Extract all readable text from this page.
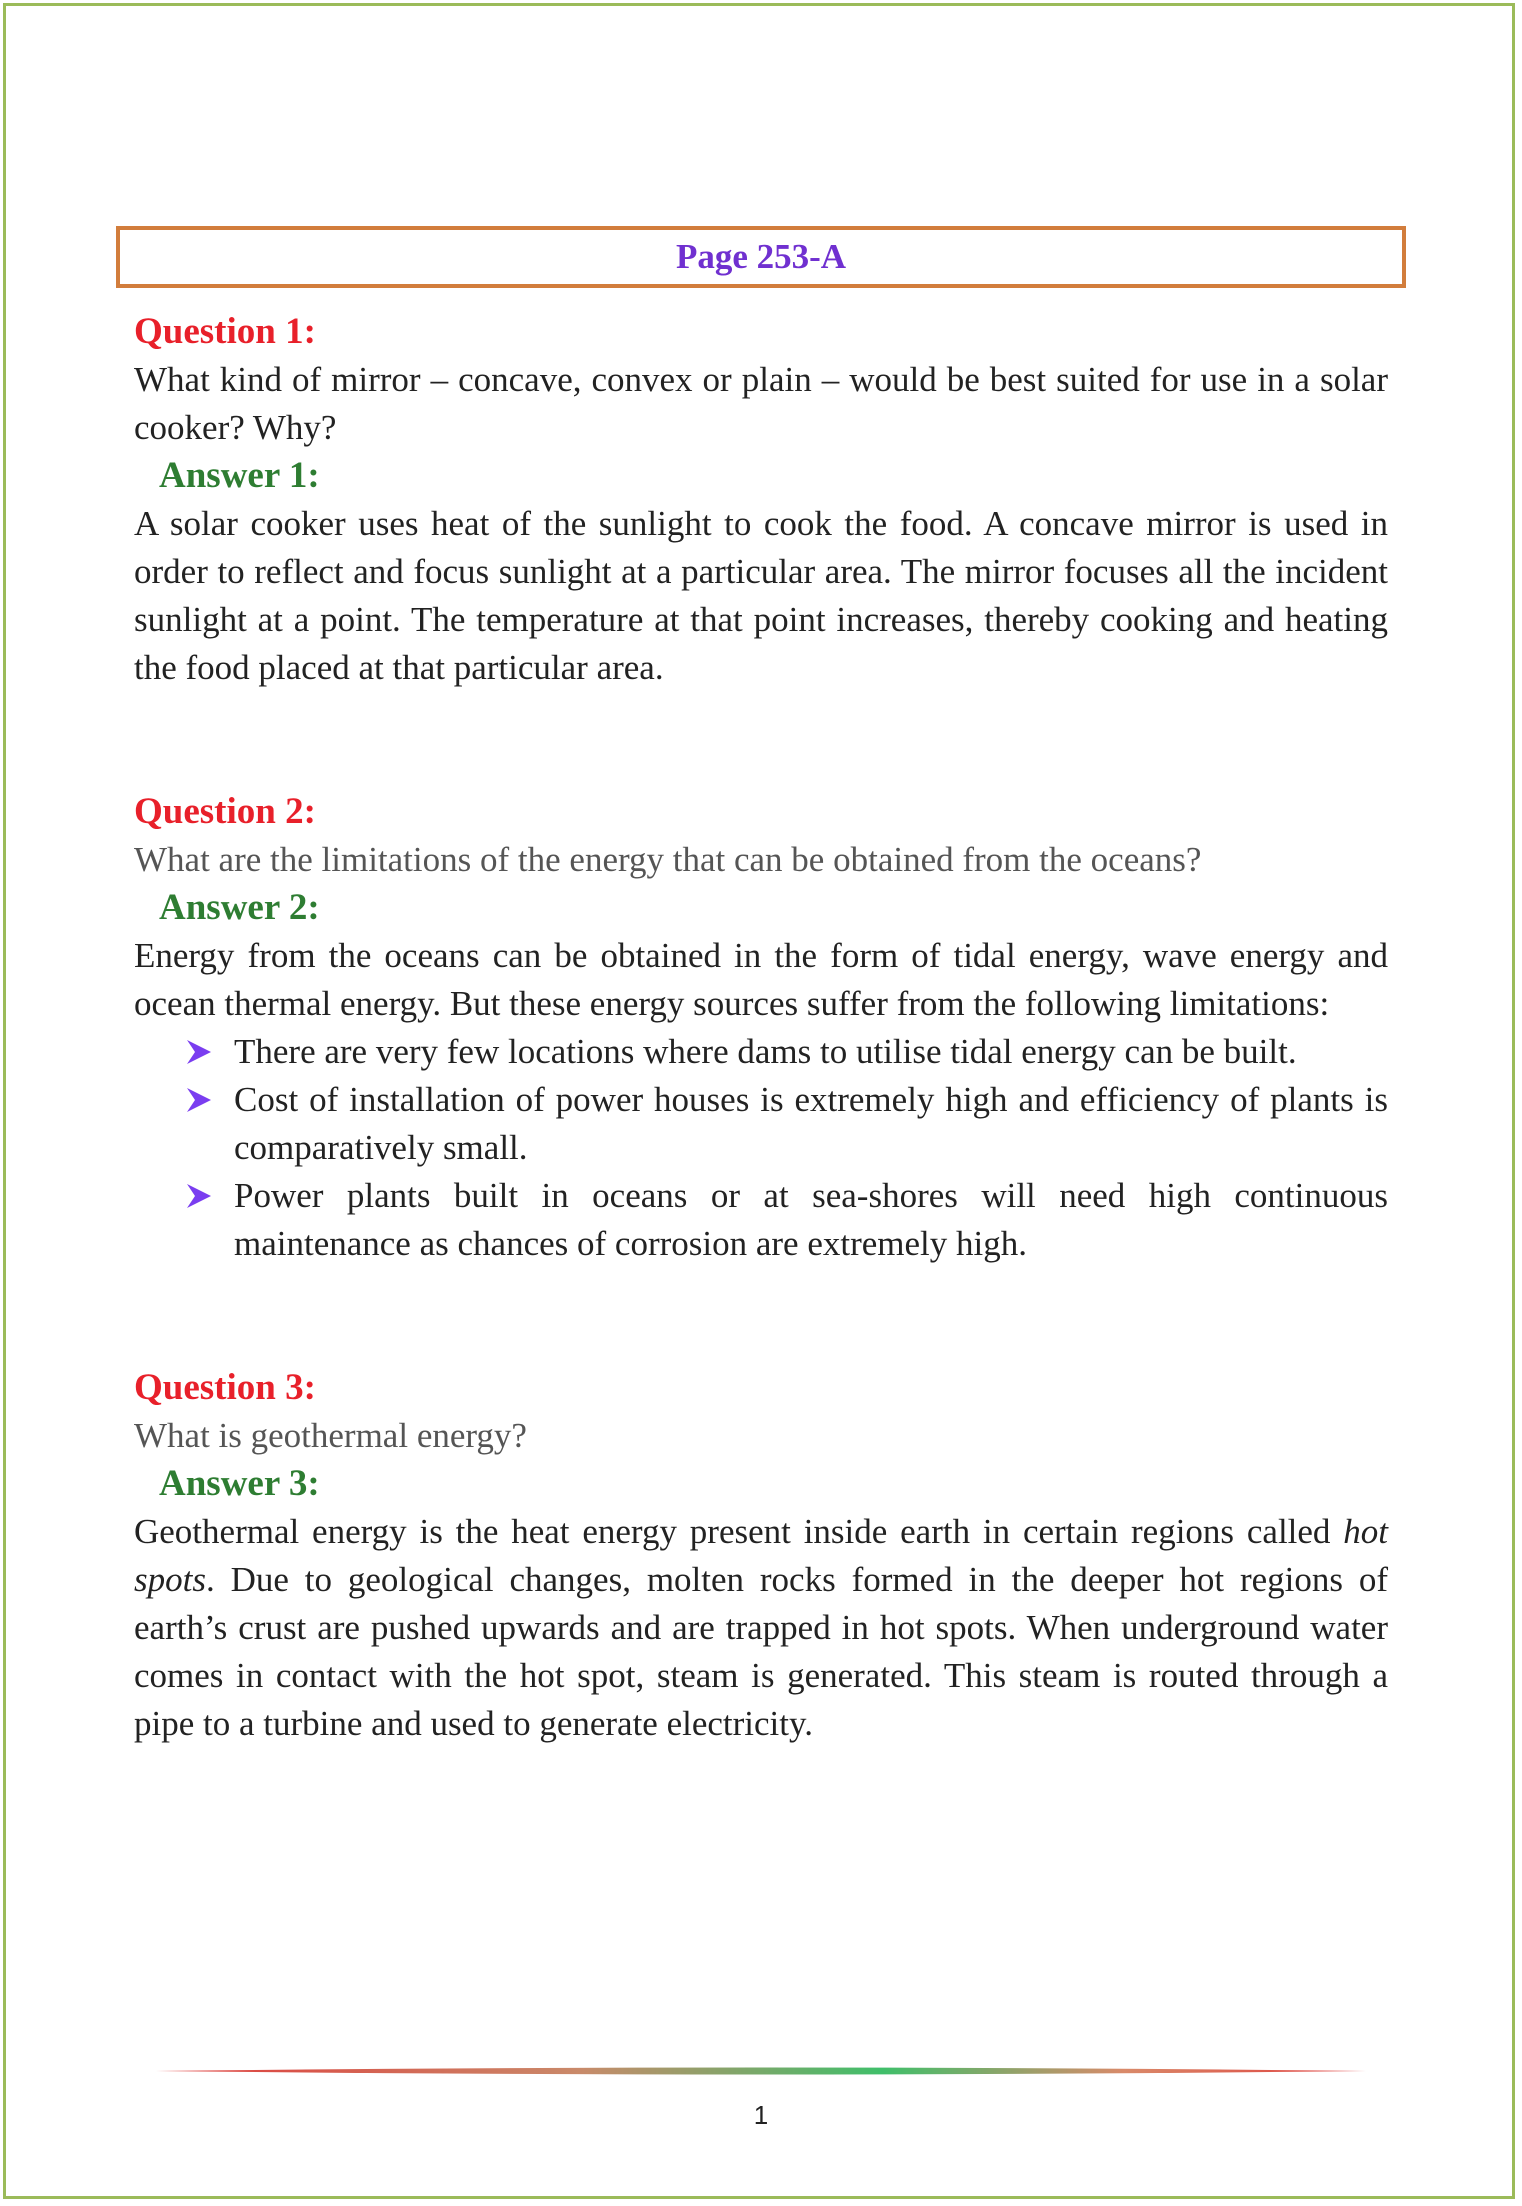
Page 253-A

Question 1:

What kind of mirror – concave, convex or plain – would be best suited for use in a solar cooker? Why?

Answer 1:

A solar cooker uses heat of the sunlight to cook the food. A concave mirror is used in order to reflect and focus sunlight at a particular area. The mirror focuses all the incident sunlight at a point. The temperature at that point increases, thereby cooking and heating the food placed at that particular area.

Question 2:

What are the limitations of the energy that can be obtained from the oceans?

Answer 2:

Energy from the oceans can be obtained in the form of tidal energy, wave energy and ocean thermal energy. But these energy sources suffer from the following limitations:

There are very few locations where dams to utilise tidal energy can be built.
Cost of installation of power houses is extremely high and efficiency of plants is comparatively small.
Power plants built in oceans or at sea-shores will need high continuous maintenance as chances of corrosion are extremely high.

Question 3:

What is geothermal energy?

Answer 3:

Geothermal energy is the heat energy present inside earth in certain regions called hot spots. Due to geological changes, molten rocks formed in the deeper hot regions of earth’s crust are pushed upwards and are trapped in hot spots. When underground water comes in contact with the hot spot, steam is generated. This steam is routed through a pipe to a turbine and used to generate electricity.

1
